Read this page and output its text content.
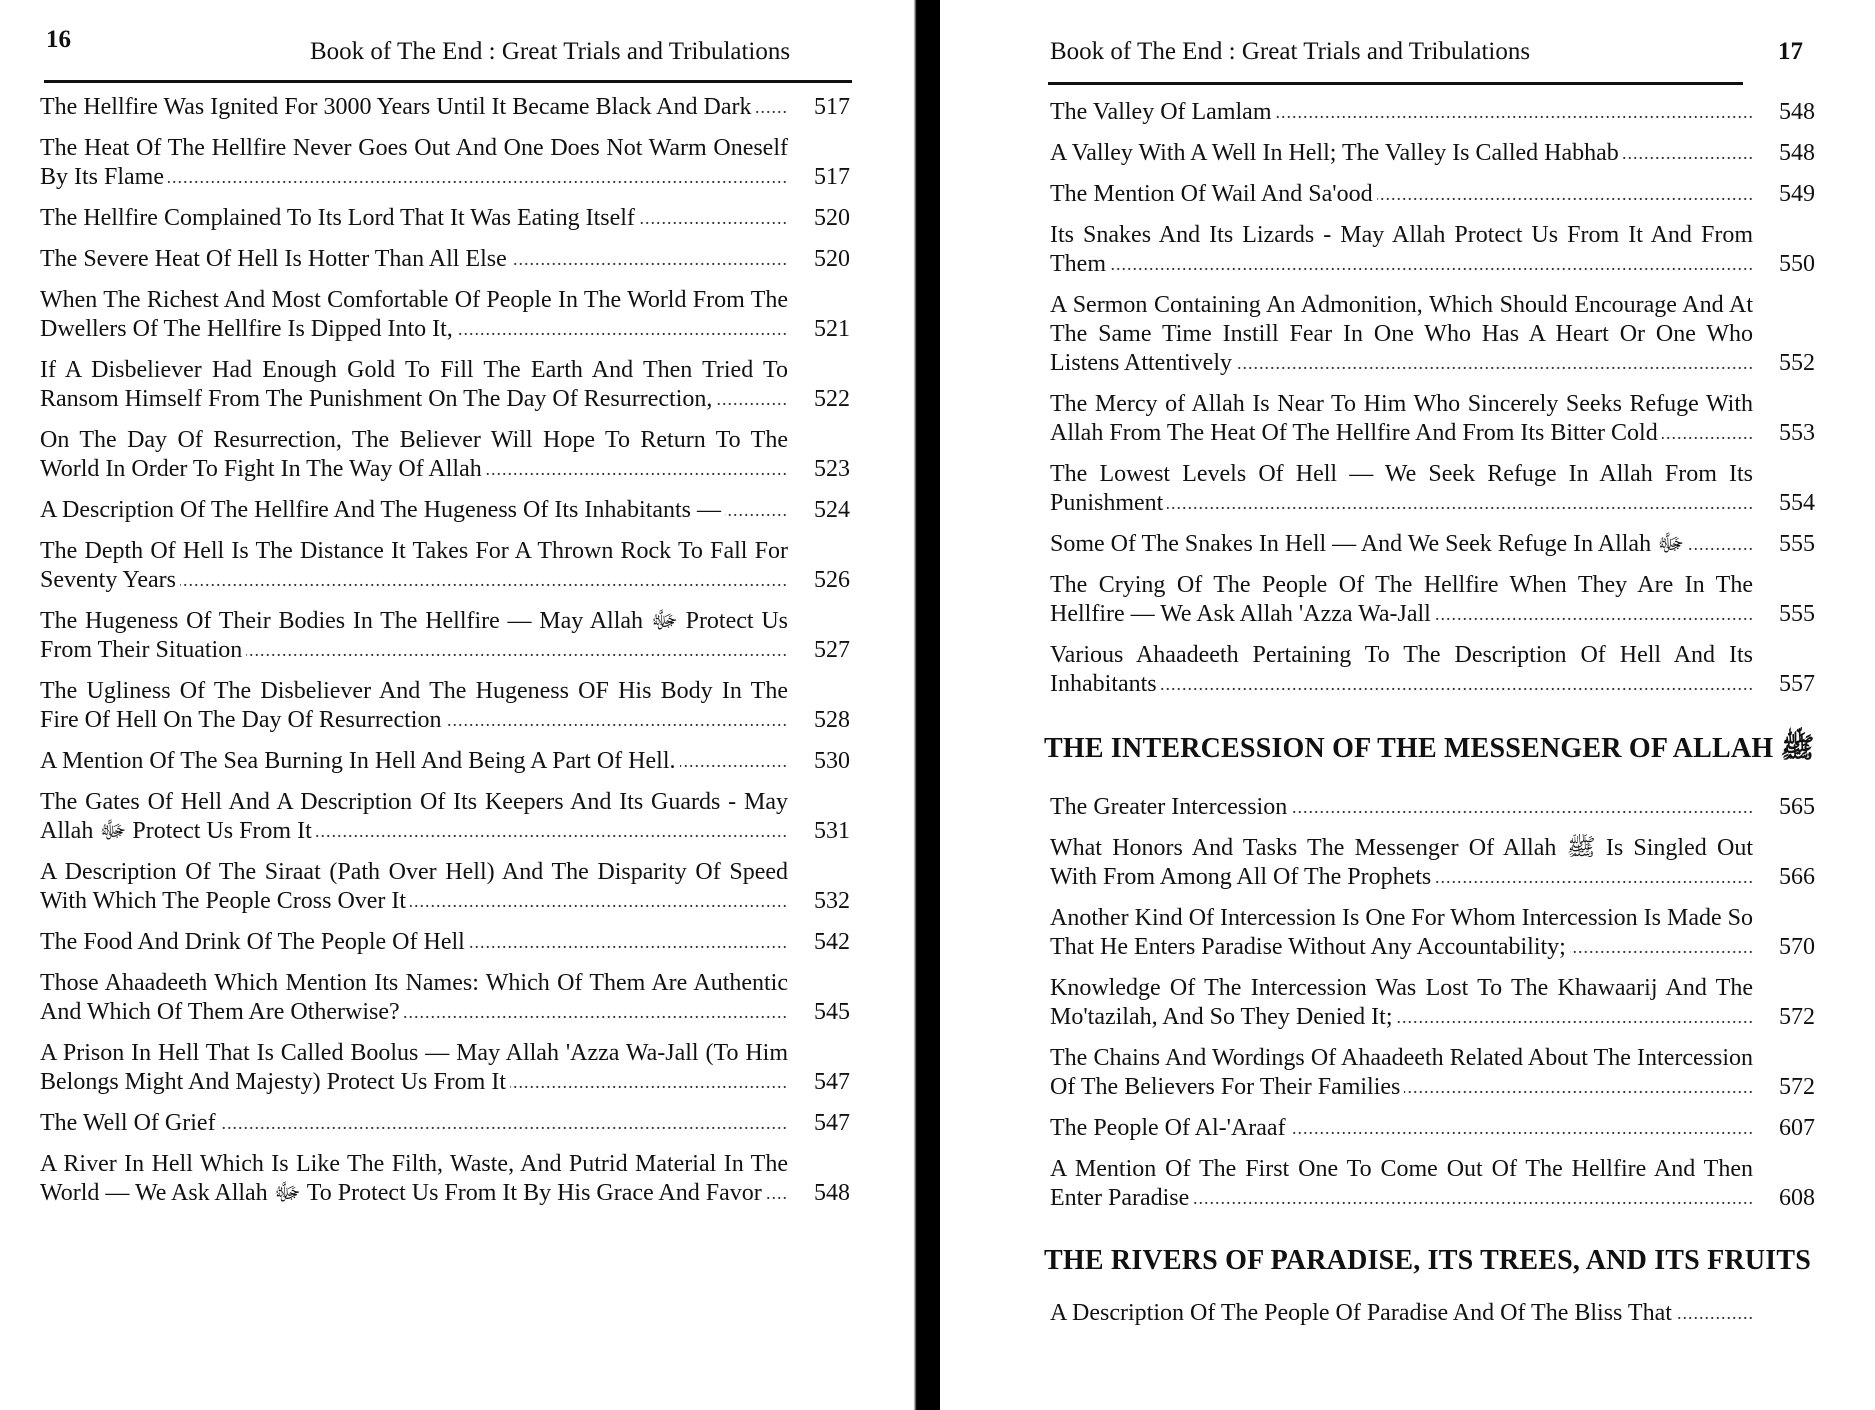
16	Book of The End : Great Trials and Tribulations
The Hellfire Was Ignited For 3000 Years Until It Became Black And Dark .....	517
The Heat Of The Hellfire Never Goes Out And One Does Not Warm Oneself By Its Flame .....	517
The Hellfire Complained To Its Lord That It Was Eating Itself .....	520
The Severe Heat Of Hell Is Hotter Than All Else .....	520
When The Richest And Most Comfortable Of People In The World From The Dwellers Of The Hellfire Is Dipped Into It, .....	521
If A Disbeliever Had Enough Gold To Fill The Earth And Then Tried To Ransom Himself From The Punishment On The Day Of Resurrection, .....	522
On The Day Of Resurrection, The Believer Will Hope To Return To The World In Order To Fight In The Way Of Allah .....	523
A Description Of The Hellfire And The Hugeness Of Its Inhabitants — .....	524
The Depth Of Hell Is The Distance It Takes For A Thrown Rock To Fall For Seventy Years .....	526
The Hugeness Of Their Bodies In The Hellfire — May Allah ﷻ Protect Us From Their Situation .....	527
The Ugliness Of The Disbeliever And The Hugeness OF His Body In The Fire Of Hell On The Day Of Resurrection .....	528
A Mention Of The Sea Burning In Hell And Being A Part Of Hell. .....	530
The Gates Of Hell And A Description Of Its Keepers And Its Guards - May Allah ﷻ Protect Us From It .....	531
A Description Of The Siraat (Path Over Hell) And The Disparity Of Speed With Which The People Cross Over It .....	532
The Food And Drink Of The People Of Hell .....	542
Those Ahaadeeth Which Mention Its Names: Which Of Them Are Authentic And Which Of Them Are Otherwise? .....	545
A Prison In Hell That Is Called Boolus — May Allah 'Azza Wa-Jall (To Him Belongs Might And Majesty) Protect Us From It .....	547
The Well Of Grief .....	547
A River In Hell Which Is Like The Filth, Waste, And Putrid Material In The World — We Ask Allah ﷻ To Protect Us From It By His Grace And Favor .....	548
Book of The End : Great Trials and Tribulations	17
The Valley Of Lamlam .....	548
A Valley With A Well In Hell; The Valley Is Called Habhab .....	548
The Mention Of Wail And Sa'ood .....	549
Its Snakes And Its Lizards - May Allah Protect Us From It And From Them .....	550
A Sermon Containing An Admonition, Which Should Encourage And At The Same Time Instill Fear In One Who Has A Heart Or One Who Listens Attentively .....	552
The Mercy of Allah Is Near To Him Who Sincerely Seeks Refuge With Allah From The Heat Of The Hellfire And From Its Bitter Cold .....	553
The Lowest Levels Of Hell — We Seek Refuge In Allah From Its Punishment .....	554
Some Of The Snakes In Hell — And We Seek Refuge In Allah ﷻ .....	555
The Crying Of The People Of The Hellfire When They Are In The Hellfire — We Ask Allah 'Azza Wa-Jall .....	555
Various Ahaadeeth Pertaining To The Description Of Hell And Its Inhabitants .....	557
THE INTERCESSION OF THE MESSENGER OF ALLAH ﷺ
The Greater Intercession .....	565
What Honors And Tasks The Messenger Of Allah ﷺ Is Singled Out With From Among All Of The Prophets .....	566
Another Kind Of Intercession Is One For Whom Intercession Is Made So That He Enters Paradise Without Any Accountability; .....	570
Knowledge Of The Intercession Was Lost To The Khawaarij And The Mo'tazilah, And So They Denied It; .....	572
The Chains And Wordings Of Ahaadeeth Related About The Intercession Of The Believers For Their Families .....	572
The People Of Al-'Araaf .....	607
A Mention Of The First One To Come Out Of The Hellfire And Then Enter Paradise .....	608
THE RIVERS OF PARADISE, ITS TREES, AND ITS FRUITS
A Description Of The People Of Paradise And Of The Bliss That .....
